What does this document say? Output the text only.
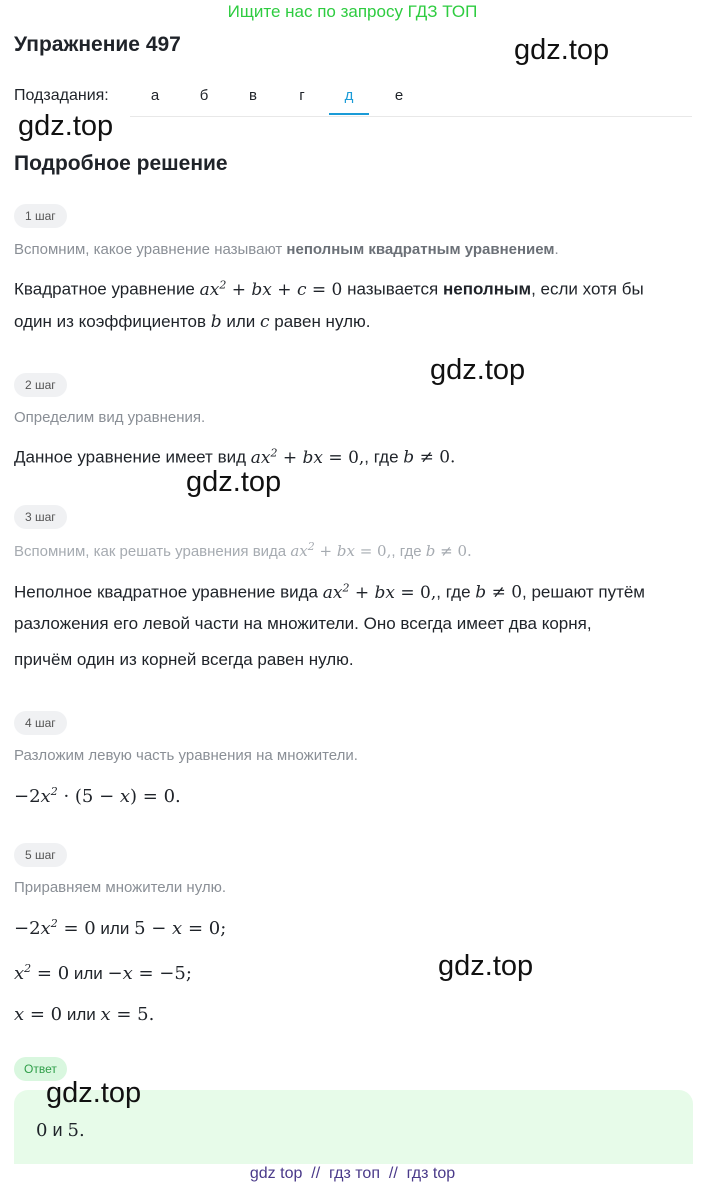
Ищите нас по запросу ГДЗ ТОП
Упражнение 497	gdz.top
Подзадания:	а	б	в	г	д	е
gdz.top
Подробное решение
1 шаг
Вспомним, какое уравнение называют неполным квадратным уравнением.
Квадратное уравнение $ax^2$ + bx + c = 0 называется неполным, если хотя бы
один из коэффициентов b или c равен нулю.
gdz.top
2 шаг
Определим вид уравнения.
Данное уравнение имеет вид $ax^2$ + bx = 0,, где b ≠ 0.
gdz.top
3 шаг
Вспомним, как решать уравнения вида $ax^2$ + bx = 0,, где b ≠ 0.
Неполное квадратное уравнение вида $ax^2$ + bx = 0,, где b ≠ 0, решают путём
разложения его левой части на множители. Оно всегда имеет два корня,
причём один из корней всегда равен нулю.
4 шаг
Разложим левую часть уравнения на множители.
$-2x^2 \cdot (5 - x) = 0$.
5 шаг
Приравняем множители нулю.
$-2x^2 = 0$ или 5 − x = 0;
$x^2 = 0$ или −x = −5;
x = 0 или x = 5.
gdz.top
Ответ
0 и 5.
gdz.top
gdz top  //  гдз топ  //  гдз top
